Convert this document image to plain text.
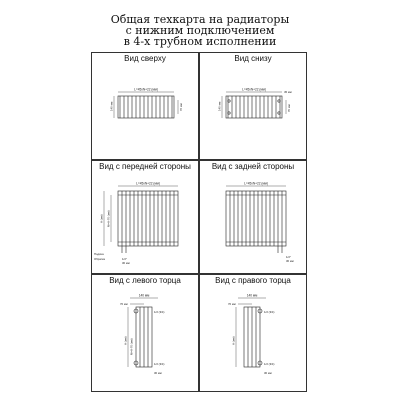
Общая техкарта на радиаторы
с нижним подключением
в 4-х трубном исполнении
Вид сверху
L=45xN+22 (мм)
140 мм	76 мм
Вид снизу
L=45xN+22 (мм)
140 мм	70 мм
45 мм
Вид с передней стороны
L=45xN+22 (мм)
H (мм) M=H-70 (мм)
Подача
Обратка	1/2"
30 мм
Вид с задней стороны
L=45xN+22 (мм)
1/2"
30 мм
Вид с левого торца
140 мм
70 мм
H (мм) M=H-70 (мм)
1/2 (3/4)
1/2 (3/4)
30 мм
Вид с правого торца
140 мм
70 мм
H (мм)
1/2 (3/4)
1/2 (3/4)
30 мм
